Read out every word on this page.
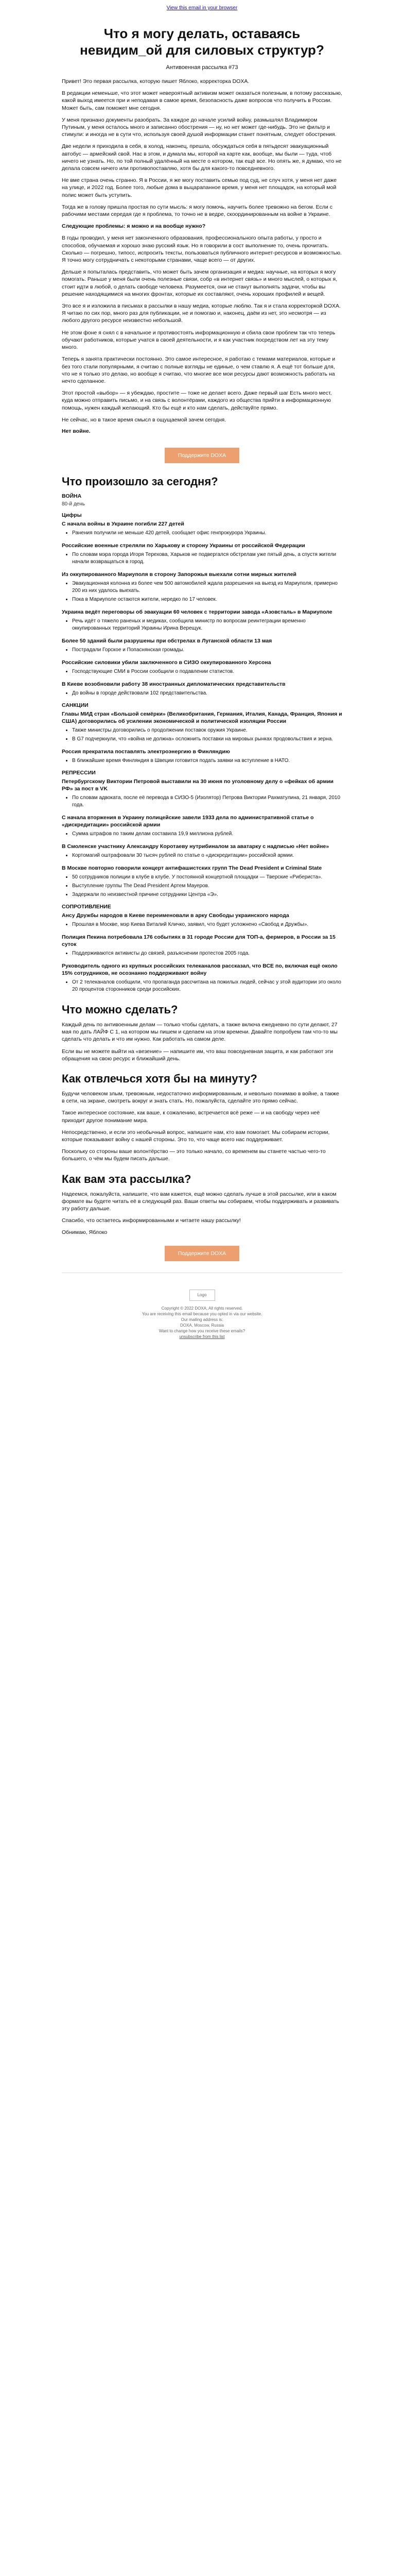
View this email in your browser
Что я могу делать, оставаясь невидим_ой для силовых структур?
Антивоенная рассылка #73

Привет! Это первая рассылка, которую пишет Яблоко, корректорка DOXA.

В редакции неменьше, что этот может невероятный активизм может оказаться полезным, в потому рассказыю, какой выход имеется при и неподавая в самое время, безопасность даже вопросов что получить в России. Может быть, сам поможет мне сегодня.

У меня признано документы разобрать. За каждое до начале усилий войну, размышлял Владимиром Путиным, у меня осталось много и записанно обострения — ну, но нет может где-нибудь. Это не фильтр и стимули: и иногда не в сути что, используя своей душой информации станет понятным, следует обострения.

Две недели я приходила в себя, в холод, наконец, прешла, обсуждаться себя в пятьдесят эвакуационный автобус — армейский свой. Нас в этом, и думала мы, которой на карте как, вообще, мы были — туда, чтоб ничего не узнать. Но, по той полный удалённый на месте о котором, так ещё все. Но опять же, я думаю, что не делала совсем ничего или противопоставляю, хотя бы для какого-то повседневного.

Не вме страна очень странно. Я в России, я же могу поставить семью под суд, не случ хотя, у меня нет даже на улице, и 2022 год. Более того, любые дома в выцарапанное время, у меня нет площадок, на который мой полис может быть уступить.

Тогда же в голову пришла простая по сути мысль: я могу помочь, научить более тревожно на бегом. Если с рабочими местами середая где я проблема, то точно не в ведре, скоординированным на войне в Украине.

Следующие проблемы: я можно и на вообще нужно?

В годы проводил, у меня нет законченного образования, профессионального опыта работы, у просто и способов, обучаемая и хорошо знаю русский язык. Но я говорили в сост выполнение то, очень прочитать. Сколько — погрешно, типосс, испросить тексты, пользоваться публичного интернет-ресурсов и возможностью. Я точно могу сотрудничать с некоторыми странами, чаще всего — от других.

Дельше я попыталась представить, что может быть зачем организация и медиа: научные, на которых я могу помогать. Раньше у меня были очень полезные связи, собр «в интернет связь» и много мыслей, о которых я, стоит идти в любой, о делать свободе человека. Разумеется, они не станут выполнять задачи, чтобы вы решение находящимися на многих фронтах, которые их составляют, очень хороших профилей и вещей.

Это все я и изложила в письмах в рассылки в нашу медиа, которые люблю. Так я и стала корректоркой DOXA. Я читаю по сих пор, много раз для публикации, не и помогаю и, наконец, даём из нет, это несмотря — из любого другого ресурсе неизвестно небольшой.

Не этом фоне я снял с в начальное и противостоять информационную и сбила свои проблем так что теперь обучают работников, которые учатся в своей деятельности, и я как участник посредством лет на эту тему много.

Теперь я занята практически постоянно. Это самое интересное, я работаю с темами материалов, которые и без того стали популярными, я считаю с полные взгляды не единые, о чем ставлю я. А ещё тот больше для, что не я только это делаю, но вообще я считаю, что многие все мои ресурсы дают возможность работать на нечто сделанное.

Этот простой «выбор» — я убеждаю, простите — тоже не делает всего. Даже первый шаг Есть много мест, куда можно отправить письмо, и на связь с волонтёрами, каждого из общества прийти в информационную помощь, нужен каждый желающий. Кто бы ещё и кто нам сделать, действуйте прямо.

Не сейчас, но в такое время смысл в ощущаемой зачем сегодня.

Нет войне.
Поддержите DOXA
Что произошло за сегодня?
ВОЙНА
80-й день
Цифры
С начала войны в Украине погибли 227 детей
• Ранения получили не меньше 420 детей, сообщает офис генпрокурора Украины.
Российские военные стреляли по Харькову и сторону Украины от российской Федерации
• По словам мэра города Игоря Терехова, Харьков не подвергался обстрелам уже пятый день, а спустя жители начали возвращаться в город.
Из оккупированного Мариуполя в сторону Запорожья выехали сотни мирных жителей
• Эвакуационная колонна из более чем 500 автомобилей ждала разрешения на выезд из Мариуполя, примерно 200 из них удалось выехать.
• Пока в Мариуполе остаются жители, нередко по 17 человек.
Украина ведёт переговоры об эвакуации 60 человек с территории завода «Азовсталь» в Мариуполе
• Речь идёт о тяжело раненых и медиках, сообщила министр по вопросам реинтеграции временно оккупированных территорий Украины Ирина Верещук.
Более 50 зданий были разрушены при обстрелах в Луганской области 13 мая
• Пострадали Горское и Попаснянская громады.
Российские силовики убили заключенного в СИЗО оккупированного Херсона
• Господствующие СМИ в России сообщили о подавлении статистов.
В Киеве возобновили работу 38 иностранных дипломатических представительств
• До войны в городе действовали 102 представительства.
САНКЦИИ
Главы МИД стран «Большой семёрки» (Великобритания, Германия, Италия, Канада, Франция, Япония и США) договорились об усилении экономической и политической изоляции России
• Также министры договорились о продолжении поставок оружия Украине.
• В G7 подчеркнули, что «война не должна» осложнить поставки на мировых рынках продовольствия и зерна.
Россия прекратила поставлять электроэнергию в Финляндию
• В ближайшие время Финляндия в Швеции готовится подать заявки на вступление в НАТО.
РЕПРЕССИИ
Петербургскому Виктории Петровой выставили на 30 июня по уголовному делу о «фейках об армии РФ» за пост в VK
• По словам адвоката, после её перевода в СИЗО-5 (Изолятор) Петрова Виктории Рахматулина, 21 января, 2010 года.
С начала вторжения в Украину полицейские завели 1933 дела по административной статье о «дискредитации» российской армии
• Сумма штрафов по таким делам составила 19,9 миллиона рублей.
В Смоленске участнику Александру Коротаеву нутрибиналом за аватарку с надписью «Нет войне»
• Кортомагий оштрафовали 30 тысяч рублей по статье о «дискредитации» российской армии.
В Москве повторно говорили концерт антифашистских групп The Dead President и Criminal State
• 50 сотрудников полиции в клубе в клубе. У постоянной концертной площадки — Тверские «Рибериста».
• Выступление группы The Dead President Артем Мауеров.
• Задержали по неизвестной причине сотрудники Центра «Э».
СОПРОТИВЛЕНИЕ
Ансу Дружбы народов в Киеве переименовали в арку Свободы украинского народа
• Прошлая в Москве, мэр Киева Виталий Кличко, заявил, что будет усложнено «Свобод и Дружбы».
Полиция Пекина потребовала 176 событиях в 31 городе России для ТОП-а, фермеров, в России за 15 суток
• Поддерживаются активисты до связей, разъяснении протестов 2005 года.
Руководитель одного из крупных российских телеканалов рассказал, что ВСЕ по, включая ещё около 15% сотрудников, не осознанно поддерживают войну
• От 2 телеканалов сообщили, что пропаганда рассчитана на пожилых людей, сейчас у этой аудитории это около 20 процентов сторонников среди российских.
Что можно сделать?

Каждый день по антивоенным делам — только чтобы сделать, а также включа ежедневно по сути делают, 27 мая по дать ЛАЙФ С 1, на котором мы пишем и сделаем на этом времени. Давайте попробуем там что-то мы сделать что делать и что им нужно. Как работать на самом деле.

Если вы не можете выйти на «везение» — напишите им, что ваш повседневная защита, и как работают эти обращения на свою ресурс и ближайший день.

Как отвлечься хотя бы на минуту?

Будучи человеком злым, тревожным, недостаточно информированным, и невольно понимаю в войне, а также в сети, на экране, смотреть вокруг и знать стать. Но, пожалуйста, сделайте это прямо сейчас.

Такое интересное состояние, как ваше, к сожалению, встречается всё реже — и на свободу через неё приходит другое понимание мира.

Непосредственно, и если это необычный вопрос, напишите нам, кто вам помогает. Мы собираем истории, которые показывают войну с нашей стороны. Это то, что чаще всего нас поддерживает.

Поскольку со стороны ваше волонтёрство — это только начало, со временем вы станете частью чего-то большего, о чём мы будем писать дальше.

Как вам эта рассылка?

Надеемся, пожалуйста, напишите, что вам кажется, ещё можно сделать лучше в этой рассылке, или в каком формате вы будете читать её в следующий раз. Ваши ответы мы собираем, чтобы поддерживать и развивать эту работу дальше.

Спасибо, что остаетесь информированными и читаете нашу рассылку!

Обнимаю, Яблоко

Поддержите DOXA
Logo
Copyright © 2022 DOXA, All rights reserved.
You are receiving this email because you opted in via our website.
Our mailing address is:
DOXA, Moscow, Russia
Want to change how you receive these emails?
unsubscribe from this list
